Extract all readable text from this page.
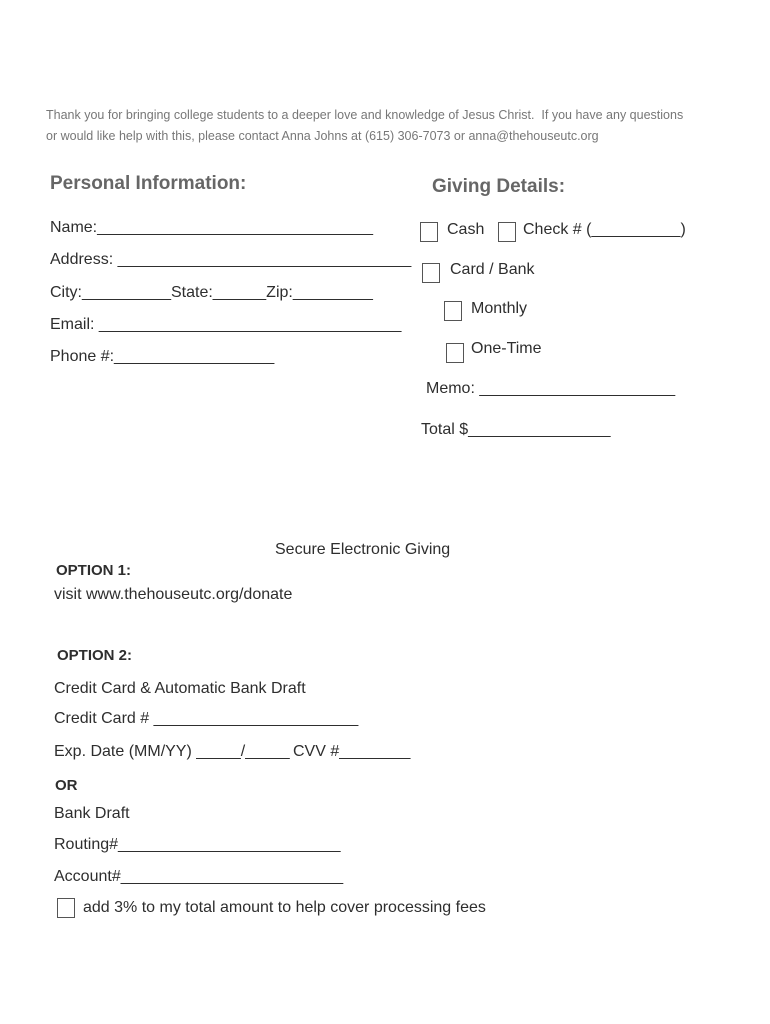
Thank you for bringing college students to a deeper love and knowledge of Jesus Christ.  If you have any questions
or would like help with this, please contact Anna Johns at (615) 306-7073 or anna@thehouseutc.org
Personal Information:
Name:_______________________________
Address: _________________________________
City:__________State:______Zip:_________
Email: __________________________________
Phone #:__________________
Giving Details:
Cash Check # (__________)
Card / Bank
Monthly
One-Time
Memo: ______________________
Total $________________
Secure Electronic Giving
OPTION 1:
visit www.thehouseutc.org/donate
OPTION 2:
Credit Card & Automatic Bank Draft
Credit Card # _______________________
Exp. Date (MM/YY) _____/_____ CVV #________
OR
Bank Draft
Routing#_________________________
Account#_________________________
add 3% to my total amount to help cover processing fees
